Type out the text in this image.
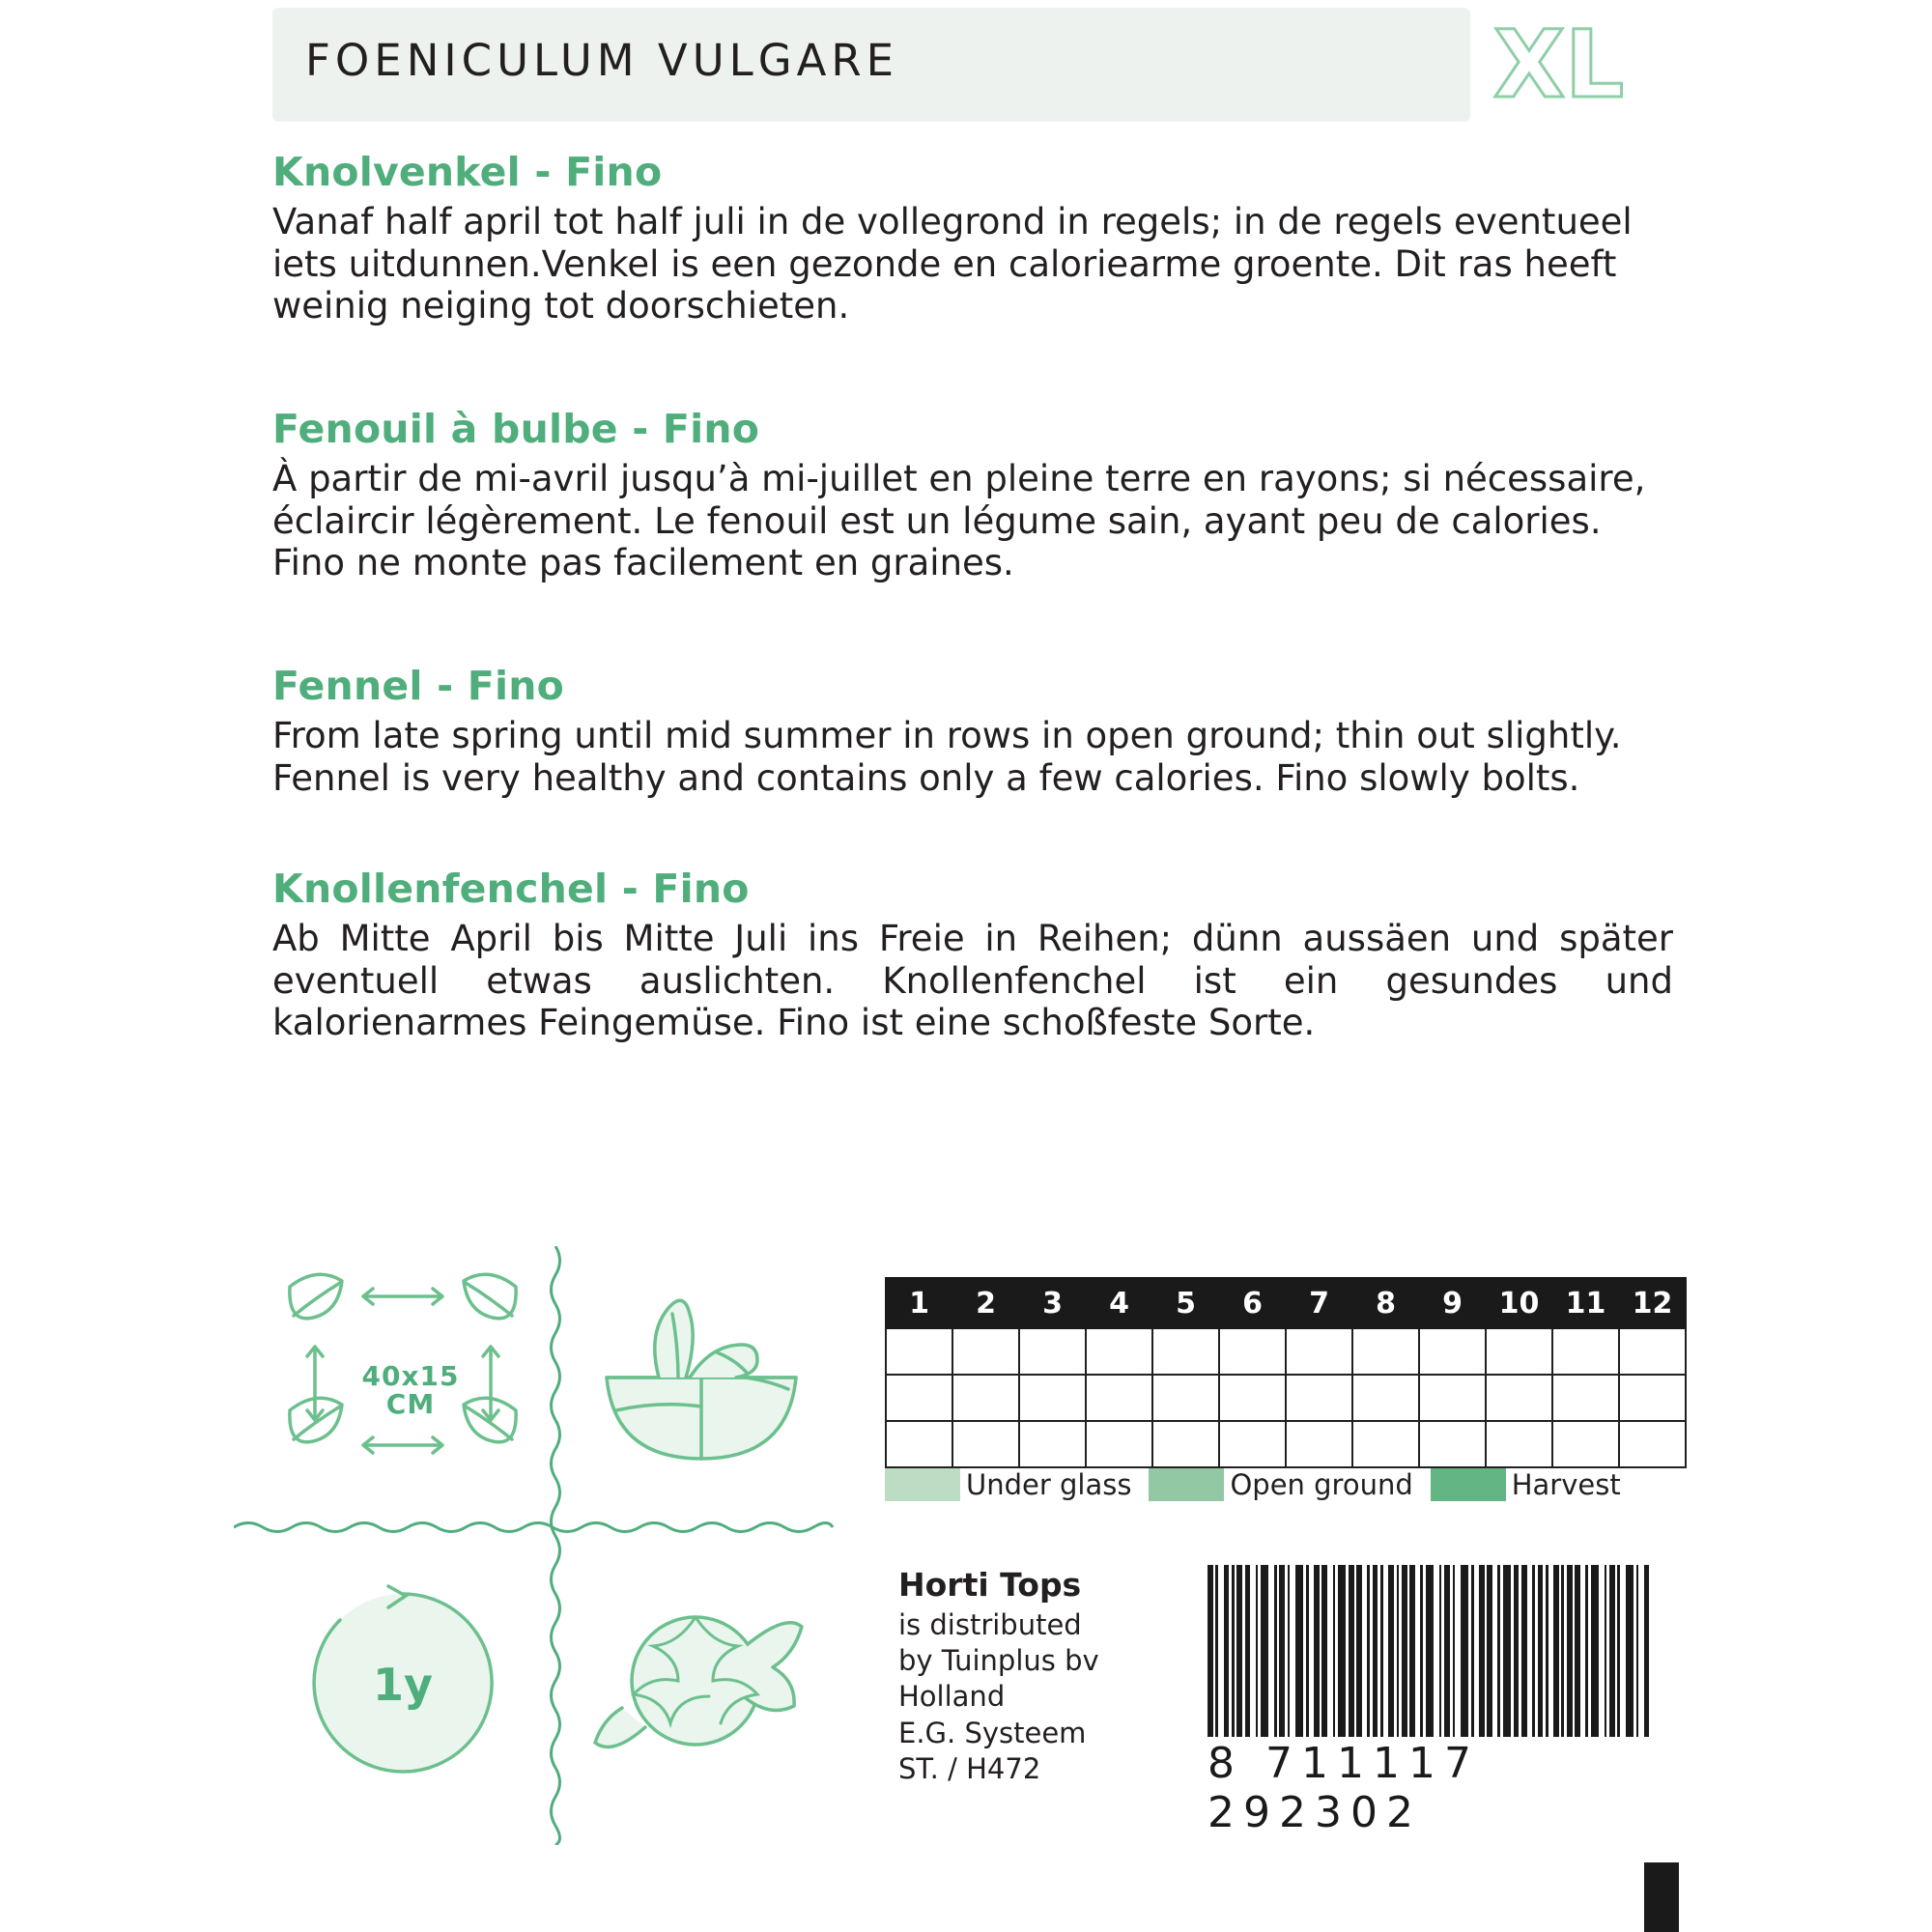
FOENICULUM VULGARE	XL
Knolvenkel - Fino

Vanaf half april tot half juli in de vollegrond in regels; in de regels eventueel iets uitdunnen.Venkel is een gezonde en caloriearme groente. Dit ras heeft weinig neiging tot doorschieten.

Fenouil à bulbe - Fino

À partir de mi-avril jusqu’à mi-juillet en pleine terre en rayons; si nécessaire, éclaircir légèrement. Le fenouil est un légume sain, ayant peu de calories. Fino ne monte pas facilement en graines.

Fennel - Fino

From late spring until mid summer in rows in open ground; thin out slightly. Fennel is very healthy and contains only a few calories. Fino slowly bolts.

Knollenfenchel - Fino

Ab Mitte April bis Mitte Juli ins Freie in Reihen; dünn aussäen und später eventuell etwas auslichten. Knollenfenchel ist ein gesundes und kalorienarmes Feingemüse. Fino ist eine schoßfeste Sorte.

40x15
CM
1y
1	2	3	4	5	6	7	8	9	10	11	12

Under glass	Open ground	Harvest
Horti Tops
is distributed
by Tuinplus bv
Holland
E.G. Systeem
ST. / H472	8 711117 292302
